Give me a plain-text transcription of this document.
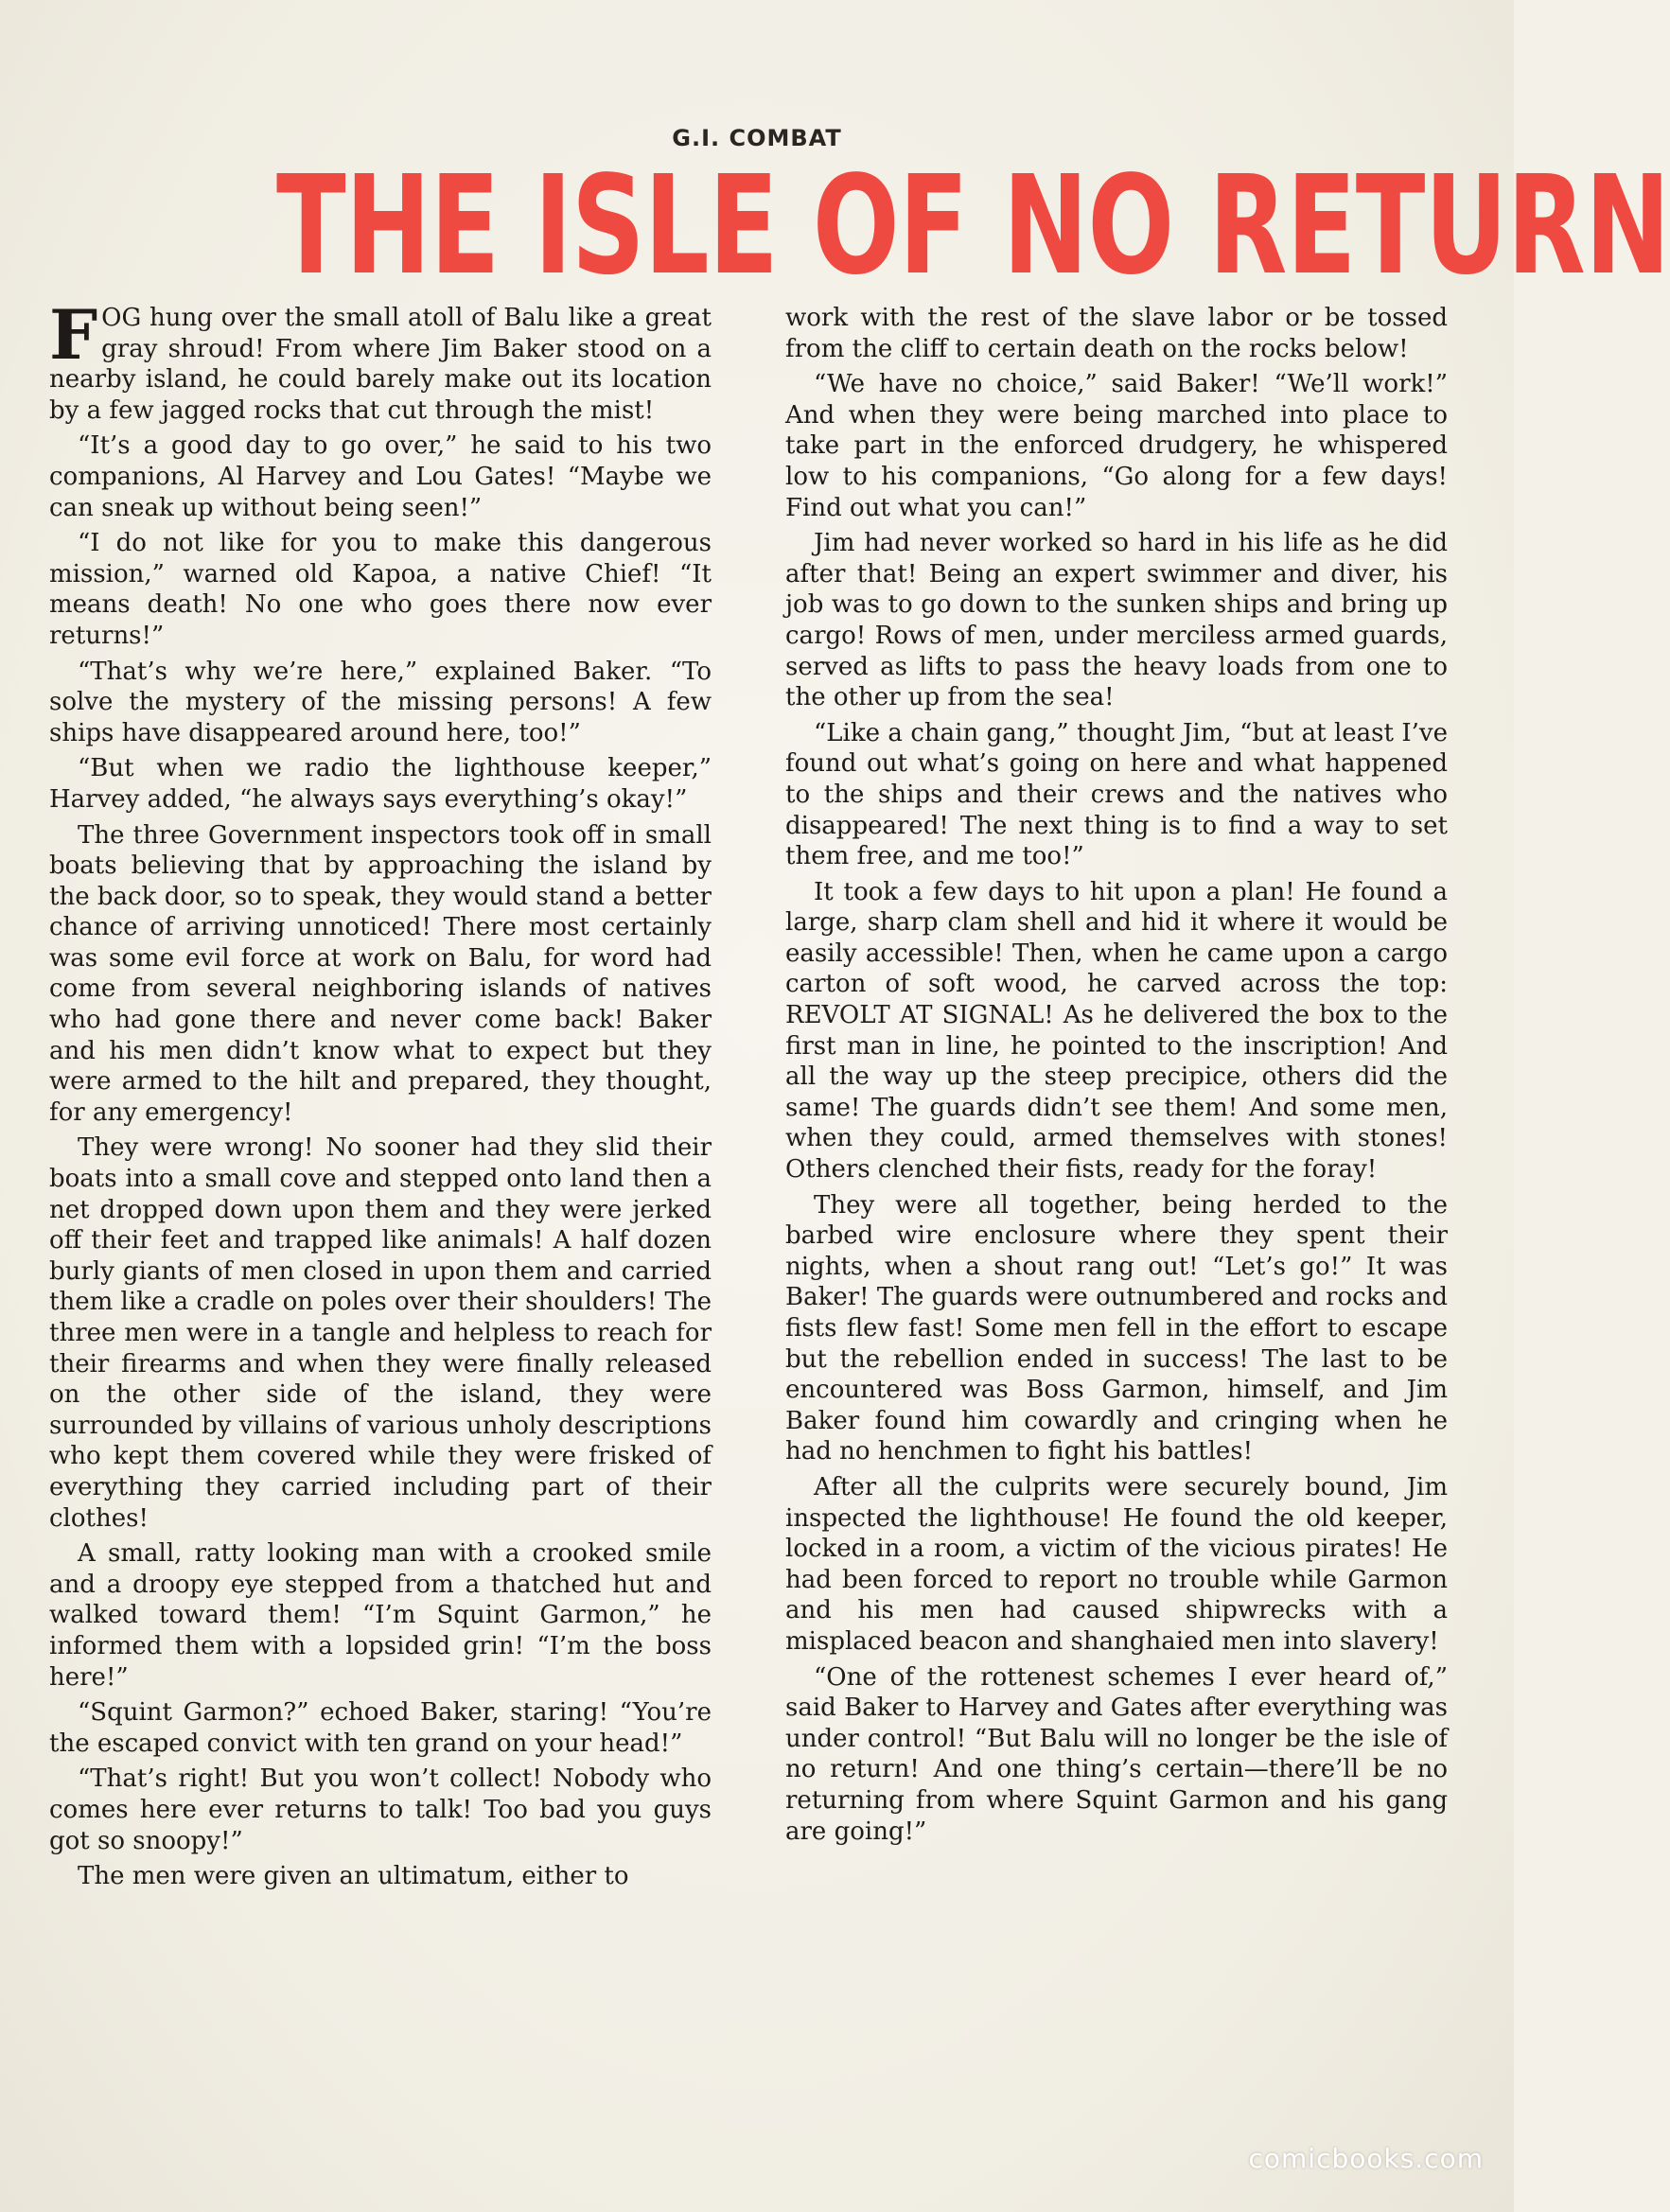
G.I. COMBAT
THE ISLE OF NO RETURN

FOG hung over the small atoll of Balu like a great gray shroud! From where Jim Baker stood on a nearby island, he could barely make out its location by a few jagged rocks that cut through the mist!

“It’s a good day to go over,” he said to his two companions, Al Harvey and Lou Gates! “Maybe we can sneak up without being seen!”

“I do not like for you to make this dangerous mission,” warned old Kapoa, a native Chief! “It means death! No one who goes there now ever returns!”

“That’s why we’re here,” explained Baker. “To solve the mystery of the missing persons! A few ships have disappeared around here, too!”

“But when we radio the lighthouse keeper,” Harvey added, “he always says everything’s okay!”

The three Government inspectors took off in small boats believing that by approaching the island by the back door, so to speak, they would stand a better chance of arriving unnoticed! There most certainly was some evil force at work on Balu, for word had come from several neighboring islands of natives who had gone there and never come back! Baker and his men didn’t know what to expect but they were armed to the hilt and prepared, they thought, for any emergency!

They were wrong! No sooner had they slid their boats into a small cove and stepped onto land then a net dropped down upon them and they were jerked off their feet and trapped like animals! A half dozen burly giants of men closed in upon them and carried them like a cradle on poles over their shoulders! The three men were in a tangle and helpless to reach for their firearms and when they were finally released on the other side of the island, they were surrounded by villains of various unholy descriptions who kept them covered while they were frisked of everything they carried including part of their clothes!

A small, ratty looking man with a crooked smile and a droopy eye stepped from a thatched hut and walked toward them! “I’m Squint Garmon,” he informed them with a lopsided grin! “I’m the boss here!”

“Squint Garmon?” echoed Baker, staring! “You’re the escaped convict with ten grand on your head!”

“That’s right! But you won’t collect! Nobody who comes here ever returns to talk! Too bad you guys got so snoopy!”

The men were given an ultimatum, either to

work with the rest of the slave labor or be tossed from the cliff to certain death on the rocks below!

“We have no choice,” said Baker! “We’ll work!” And when they were being marched into place to take part in the enforced drudgery, he whispered low to his companions, “Go along for a few days! Find out what you can!”

Jim had never worked so hard in his life as he did after that! Being an expert swimmer and diver, his job was to go down to the sunken ships and bring up cargo! Rows of men, under merciless armed guards, served as lifts to pass the heavy loads from one to the other up from the sea!

“Like a chain gang,” thought Jim, “but at least I’ve found out what’s going on here and what happened to the ships and their crews and the natives who disappeared! The next thing is to find a way to set them free, and me too!”

It took a few days to hit upon a plan! He found a large, sharp clam shell and hid it where it would be easily accessible! Then, when he came upon a cargo carton of soft wood, he carved across the top: REVOLT AT SIGNAL! As he delivered the box to the first man in line, he pointed to the inscription! And all the way up the steep precipice, others did the same! The guards didn’t see them! And some men, when they could, armed themselves with stones! Others clenched their fists, ready for the foray!

They were all together, being herded to the barbed wire enclosure where they spent their nights, when a shout rang out! “Let’s go!” It was Baker! The guards were outnumbered and rocks and fists flew fast! Some men fell in the effort to escape but the rebellion ended in success! The last to be encountered was Boss Garmon, himself, and Jim Baker found him cowardly and cringing when he had no henchmen to fight his battles!

After all the culprits were securely bound, Jim inspected the lighthouse! He found the old keeper, locked in a room, a victim of the vicious pirates! He had been forced to report no trouble while Garmon and his men had caused shipwrecks with a misplaced beacon and shanghaied men into slavery!

“One of the rottenest schemes I ever heard of,” said Baker to Harvey and Gates after everything was under control! “But Balu will no longer be the isle of no return! And one thing’s certain—there’ll be no returning from where Squint Garmon and his gang are going!”

comicbooks.com
